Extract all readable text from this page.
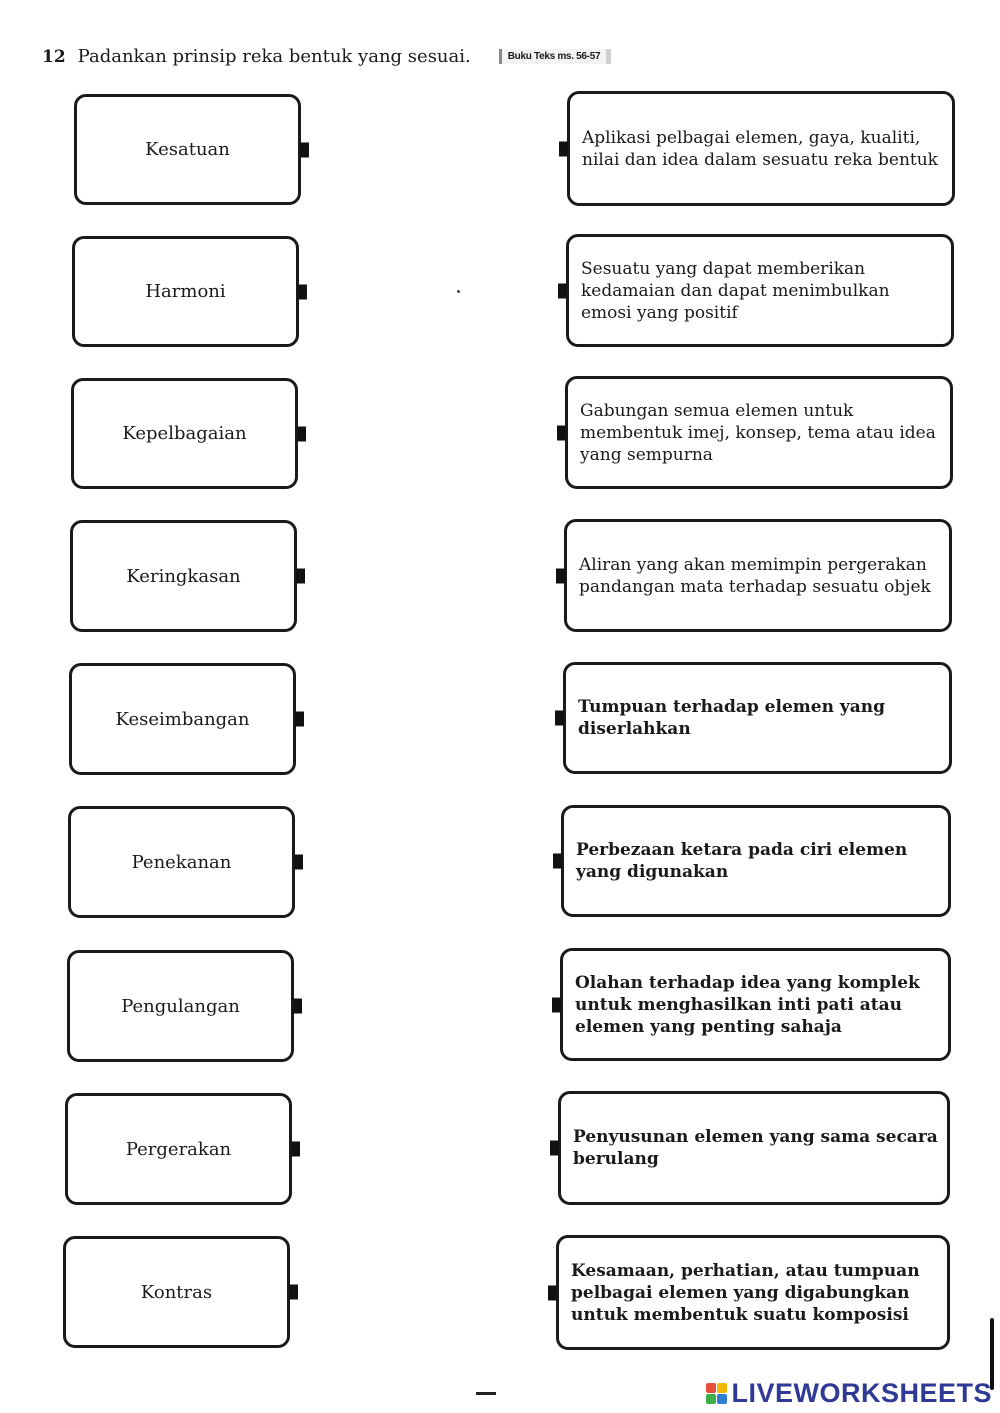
12 Padankan prinsip reka bentuk yang sesuai.	Buku Teks ms. 56-57
Kesatuan
Harmoni
Kepelbagaian
Keringkasan
Keseimbangan
Penekanan
Pengulangan
Pergerakan
Kontras
Aplikasi pelbagai elemen, gaya, kualiti, nilai dan idea dalam sesuatu reka bentuk
Sesuatu yang dapat memberikan kedamaian dan dapat menimbulkan emosi yang positif
Gabungan semua elemen untuk membentuk imej, konsep, tema atau idea yang sempurna
Aliran yang akan memimpin pergerakan pandangan mata terhadap sesuatu objek
Tumpuan terhadap elemen yang diserlahkan
Perbezaan ketara pada ciri elemen yang digunakan
Olahan terhadap idea yang komplek untuk menghasilkan inti pati atau elemen yang penting sahaja
Penyusunan elemen yang sama secara berulang
Kesamaan, perhatian, atau tumpuan pelbagai elemen yang digabungkan untuk membentuk suatu komposisi
LIVEWORKSHEETS
